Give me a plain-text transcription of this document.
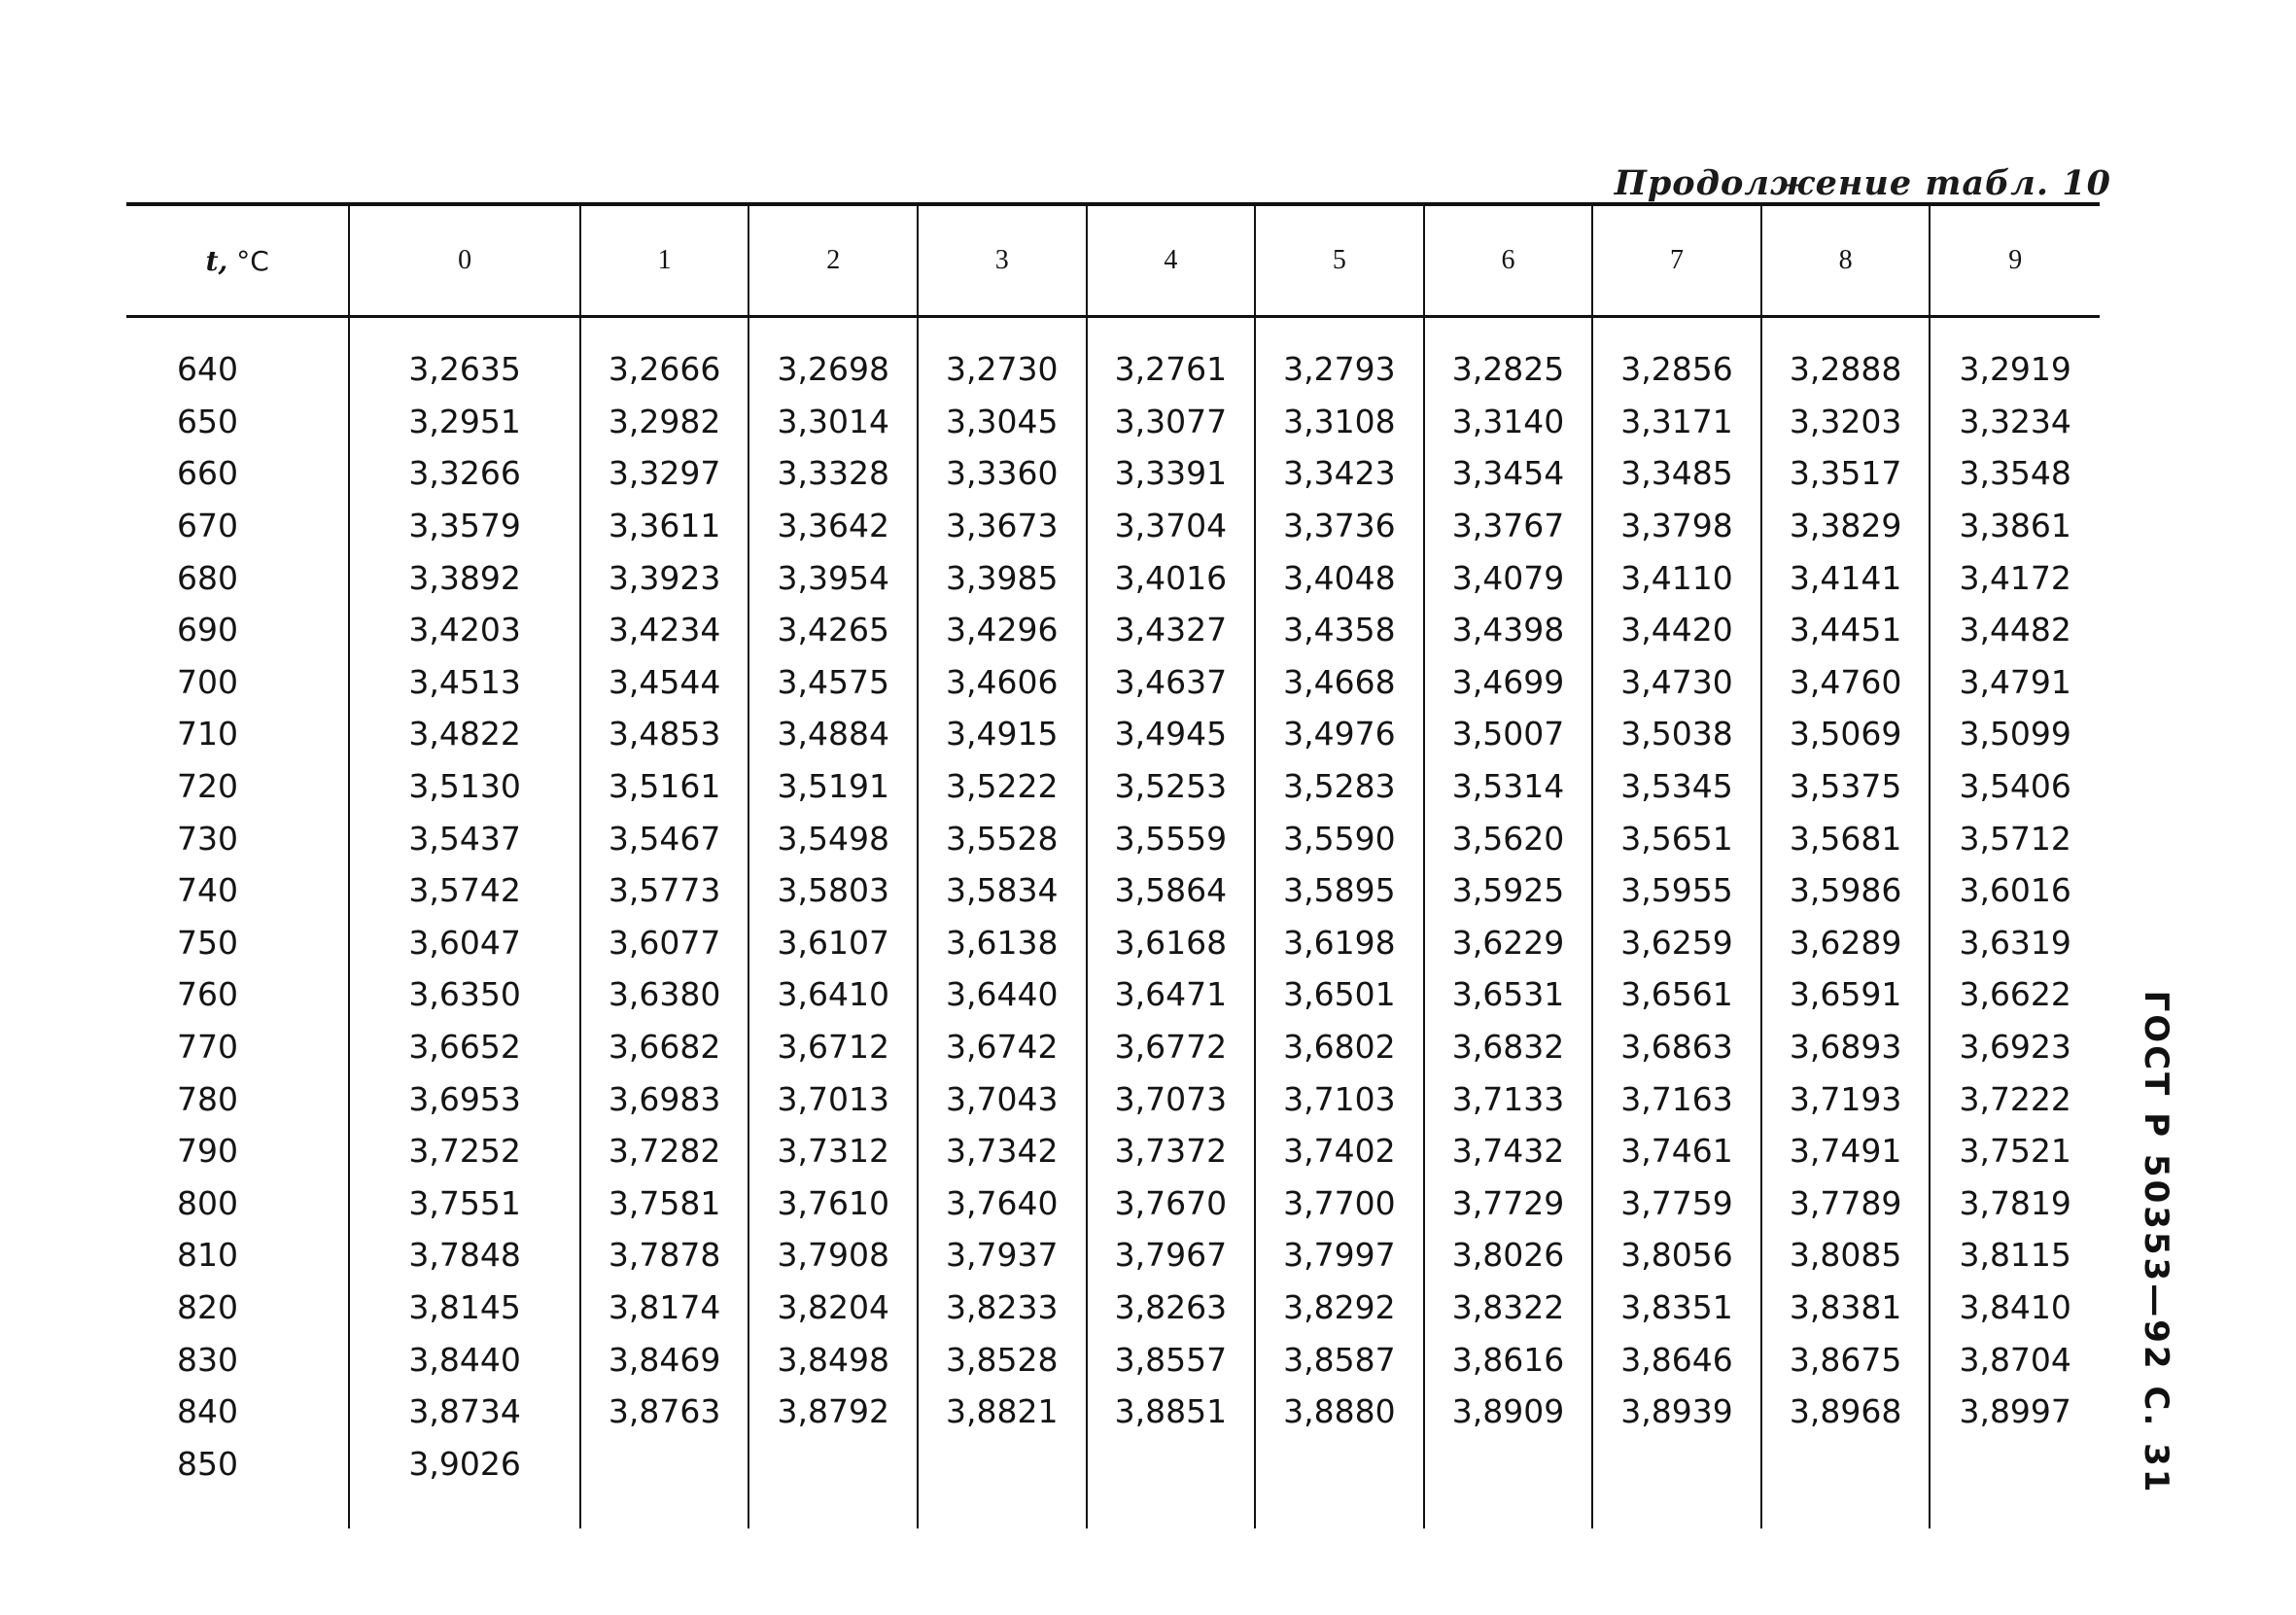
Продолжение табл. 10
t, °C	0	1	2	3	4	5	6	7	8	9
640	3,2635	3,2666	3,2698	3,2730	3,2761	3,2793	3,2825	3,2856	3,2888	3,2919
650	3,2951	3,2982	3,3014	3,3045	3,3077	3,3108	3,3140	3,3171	3,3203	3,3234
660	3,3266	3,3297	3,3328	3,3360	3,3391	3,3423	3,3454	3,3485	3,3517	3,3548
670	3,3579	3,3611	3,3642	3,3673	3,3704	3,3736	3,3767	3,3798	3,3829	3,3861
680	3,3892	3,3923	3,3954	3,3985	3,4016	3,4048	3,4079	3,4110	3,4141	3,4172
690	3,4203	3,4234	3,4265	3,4296	3,4327	3,4358	3,4398	3,4420	3,4451	3,4482
700	3,4513	3,4544	3,4575	3,4606	3,4637	3,4668	3,4699	3,4730	3,4760	3,4791
710	3,4822	3,4853	3,4884	3,4915	3,4945	3,4976	3,5007	3,5038	3,5069	3,5099
720	3,5130	3,5161	3,5191	3,5222	3,5253	3,5283	3,5314	3,5345	3,5375	3,5406
730	3,5437	3,5467	3,5498	3,5528	3,5559	3,5590	3,5620	3,5651	3,5681	3,5712
740	3,5742	3,5773	3,5803	3,5834	3,5864	3,5895	3,5925	3,5955	3,5986	3,6016
750	3,6047	3,6077	3,6107	3,6138	3,6168	3,6198	3,6229	3,6259	3,6289	3,6319
760	3,6350	3,6380	3,6410	3,6440	3,6471	3,6501	3,6531	3,6561	3,6591	3,6622
770	3,6652	3,6682	3,6712	3,6742	3,6772	3,6802	3,6832	3,6863	3,6893	3,6923
780	3,6953	3,6983	3,7013	3,7043	3,7073	3,7103	3,7133	3,7163	3,7193	3,7222
790	3,7252	3,7282	3,7312	3,7342	3,7372	3,7402	3,7432	3,7461	3,7491	3,7521
800	3,7551	3,7581	3,7610	3,7640	3,7670	3,7700	3,7729	3,7759	3,7789	3,7819
810	3,7848	3,7878	3,7908	3,7937	3,7967	3,7997	3,8026	3,8056	3,8085	3,8115
820	3,8145	3,8174	3,8204	3,8233	3,8263	3,8292	3,8322	3,8351	3,8381	3,8410
830	3,8440	3,8469	3,8498	3,8528	3,8557	3,8587	3,8616	3,8646	3,8675	3,8704
840	3,8734	3,8763	3,8792	3,8821	3,8851	3,8880	3,8909	3,8939	3,8968	3,8997
850	3,9026									
											ГОСТ Р 50353—92 С. 31
